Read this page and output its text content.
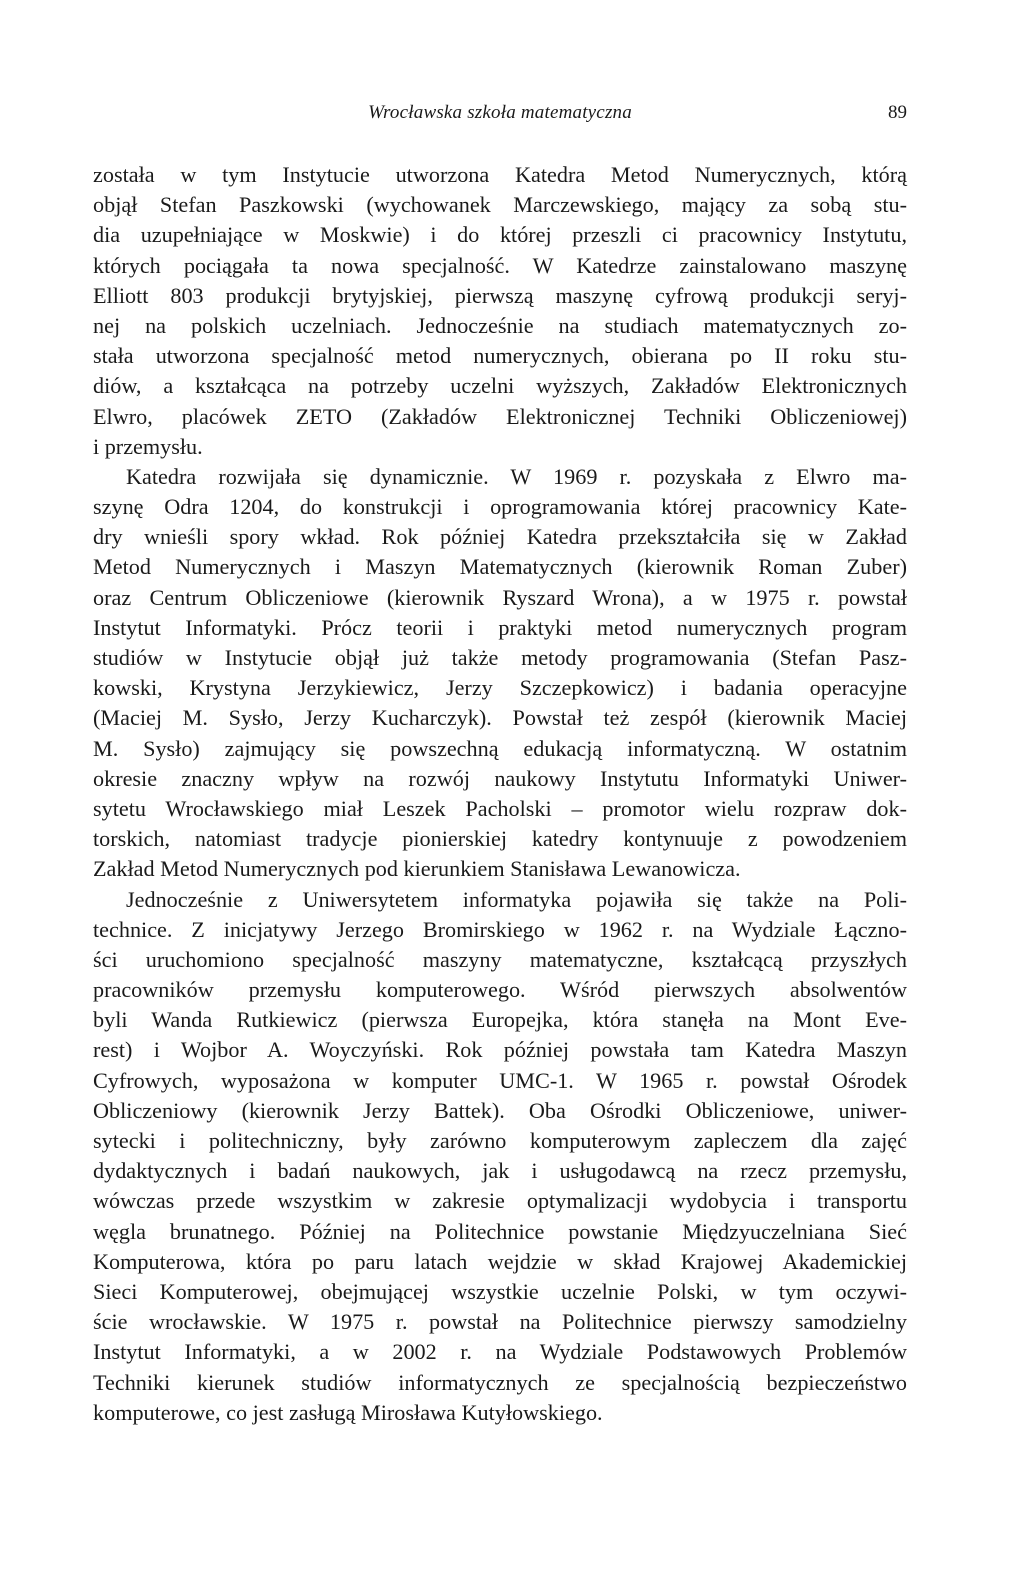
Wrocławska szkoła matematyczna	89
została w tym Instytucie utworzona Katedra Metod Numerycznych, którą
objął Stefan Paszkowski (wychowanek Marczewskiego, mający za sobą stu-
dia uzupełniające w Moskwie) i do której przeszli ci pracownicy Instytutu,
których pociągała ta nowa specjalność. W Katedrze zainstalowano maszynę
Elliott 803 produkcji brytyjskiej, pierwszą maszynę cyfrową produkcji seryj-
nej na polskich uczelniach. Jednocześnie na studiach matematycznych zo-
stała utworzona specjalność metod numerycznych, obierana po II roku stu-
diów, a kształcąca na potrzeby uczelni wyższych, Zakładów Elektronicznych
Elwro, placówek ZETO (Zakładów Elektronicznej Techniki Obliczeniowej)
i przemysłu.
Katedra rozwijała się dynamicznie. W 1969 r. pozyskała z Elwro ma-
szynę Odra 1204, do konstrukcji i oprogramowania której pracownicy Kate-
dry wnieśli spory wkład. Rok później Katedra przekształciła się w Zakład
Metod Numerycznych i Maszyn Matematycznych (kierownik Roman Zuber)
oraz Centrum Obliczeniowe (kierownik Ryszard Wrona), a w 1975 r. powstał
Instytut Informatyki. Prócz teorii i praktyki metod numerycznych program
studiów w Instytucie objął już także metody programowania (Stefan Pasz-
kowski, Krystyna Jerzykiewicz, Jerzy Szczepkowicz) i badania operacyjne
(Maciej M. Sysło, Jerzy Kucharczyk). Powstał też zespół (kierownik Maciej
M. Sysło) zajmujący się powszechną edukacją informatyczną. W ostatnim
okresie znaczny wpływ na rozwój naukowy Instytutu Informatyki Uniwer-
sytetu Wrocławskiego miał Leszek Pacholski – promotor wielu rozpraw dok-
torskich, natomiast tradycje pionierskiej katedry kontynuuje z powodzeniem
Zakład Metod Numerycznych pod kierunkiem Stanisława Lewanowicza.
Jednocześnie z Uniwersytetem informatyka pojawiła się także na Poli-
technice. Z inicjatywy Jerzego Bromirskiego w 1962 r. na Wydziale Łączno-
ści uruchomiono specjalność maszyny matematyczne, kształcącą przyszłych
pracowników przemysłu komputerowego. Wśród pierwszych absolwentów
byli Wanda Rutkiewicz (pierwsza Europejka, która stanęła na Mont Eve-
rest) i Wojbor A. Woyczyński. Rok później powstała tam Katedra Maszyn
Cyfrowych, wyposażona w komputer UMC-1. W 1965 r. powstał Ośrodek
Obliczeniowy (kierownik Jerzy Battek). Oba Ośrodki Obliczeniowe, uniwer-
sytecki i politechniczny, były zarówno komputerowym zapleczem dla zajęć
dydaktycznych i badań naukowych, jak i usługodawcą na rzecz przemysłu,
wówczas przede wszystkim w zakresie optymalizacji wydobycia i transportu
węgla brunatnego. Później na Politechnice powstanie Międzyuczelniana Sieć
Komputerowa, która po paru latach wejdzie w skład Krajowej Akademickiej
Sieci Komputerowej, obejmującej wszystkie uczelnie Polski, w tym oczywi-
ście wrocławskie. W 1975 r. powstał na Politechnice pierwszy samodzielny
Instytut Informatyki, a w 2002 r. na Wydziale Podstawowych Problemów
Techniki kierunek studiów informatycznych ze specjalnością bezpieczeństwo
komputerowe, co jest zasługą Mirosława Kutyłowskiego.
